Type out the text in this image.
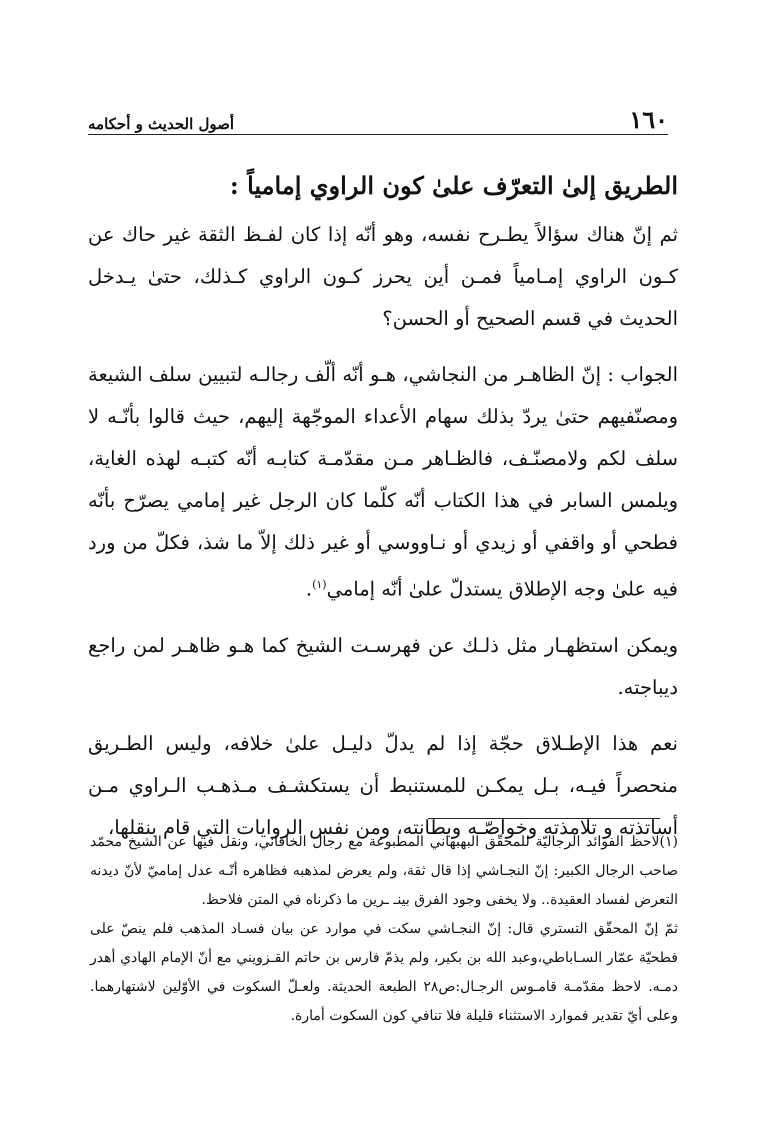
١٦٠
أصول الحديث و أحكامه
الطريق إلىٰ التعرّف علىٰ كون الراوي إمامياً :

ثم إنّ هناك سؤالاً يطـرح نفسه، وهو أنّه إذا كان لفـظ الثقة غير حاك عن كـون الراوي إمـامياً فمـن أين يحرز كـون الراوي كـذلك، حتىٰ يـدخل الحديث في قسم الصحيح أو الحسن؟

الجواب : إنّ الظاهـر من النجاشي، هـو أنّه ألّف رجالـه لتبيين سلف الشيعة ومصنّفيهم حتىٰ يردّ بذلك سهام الأعداء الموجّهة إليهم، حيث قالوا بأنّـه لا سلف لكم ولامصنّـف، فالظـاهر مـن مقدّمـة كتابـه أنّه كتبـه لهذه الغاية، ويلمس السابر في هذا الكتاب أنّه كلّما كان الرجل غير إمامي يصرّح بأنّه فطحي أو واقفي أو زيدي أو نـاووسي أو غير ذلك إلاّ ما شذ، فكلّ من ورد فيه علىٰ وجه الإطلاق يستدلّ علىٰ أنّه إمامي$^{(١)}$.

ويمكن استظهـار مثل ذلـك عن فهرسـت الشيخ كما هـو ظاهـر لمن راجع ديباجته.

نعم هذا الإطـلاق حجّة إذا لم يدلّ دليـل علىٰ خلافه، وليس الطـريق منحصراً فيـه، بـل يمكـن للمستنبط أن يستكشـف مـذهـب الـراوي مـن أساتذته و تلامذته وخواصّـه وبطانته، ومن نفس الروايات التي قام بنقلها،

(١)لاحظ الفوائد الرجاليّة للمحقّق البهبهاني المطبوعة مع رجال الخاقاني، ونقل فيها عن الشيخ محمّد صاحب الرجال الكبير: إنّ النجـاشي إذا قال ثقة، ولم يعرض لمذهبه فظاهره أنّـه عدل إماميّ لأنّ ديدنه التعرض لفساد العقيدة.. ولا يخفى وجود الفرق بينـ ـرين ما ذكرناه في المتن فلاحظ.

ثمّ إنّ المحقّق التستري قال: إنّ النجـاشي سكت في موارد عن بيان فسـاد المذهب فلم ينصّ على فطحيّة عمّار السـاباطي،وعبد الله بن بكير، ولم يذمّ فارس بن حاتم القـزويني مع أنّ الإمام الهادي أهدر دمـه. لاحظ مقدّمـة قامـوس الرجـال:ص٢٨ الطبعة الحديثة. ولعـلّ السكوت في الأوّلين لاشتهارهما. وعلى أيّ تقدير فموارد الاستثناء قليلة فلا تنافي كون السكوت أمارة.
